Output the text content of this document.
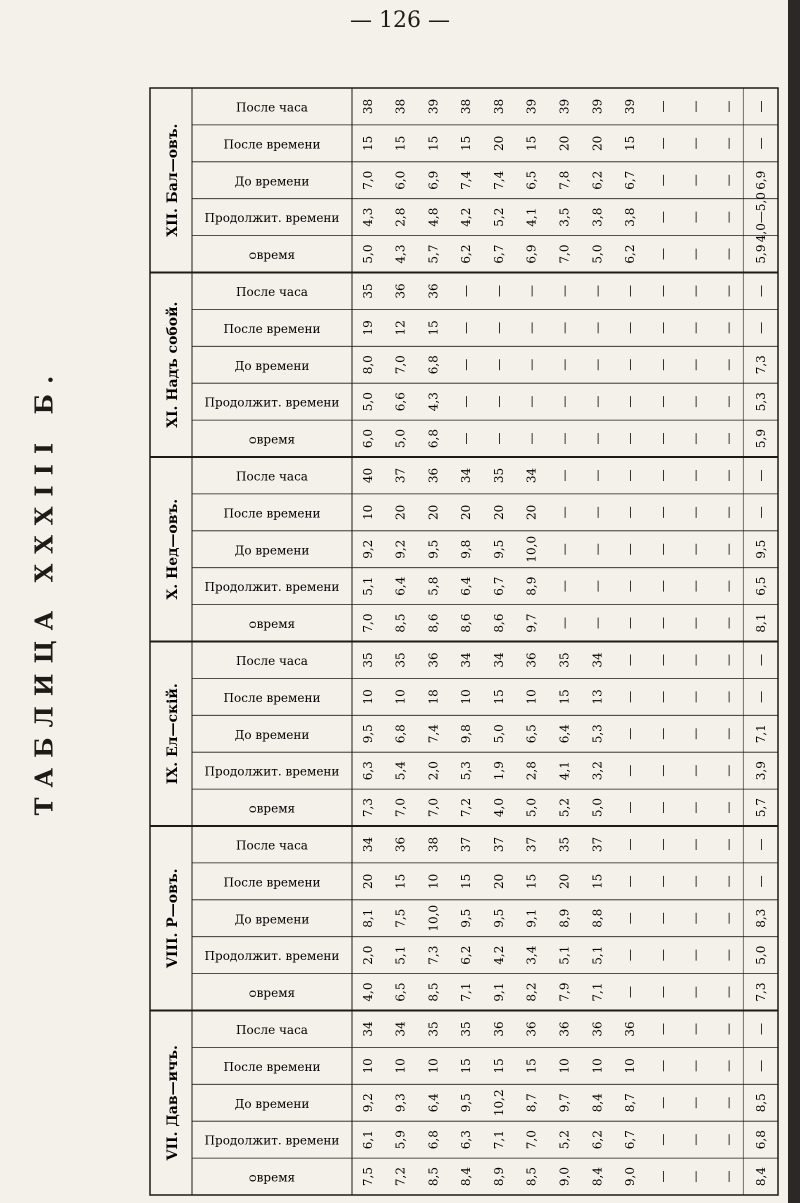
— 126 —
ТАБЛИЦА XXXIII Б.
XII. Бал—овъ.
После часа	38 38 39 38 38 39 39 39 39 — — — —
После времени	15 15 15 15 20 15 20 20 15 — — — —
До времени	7,0 6,0 6,9 7,4 7,4 6,5 7,8 6,2 6,7 — — — 6,9
Продолжит. времени 4,3 2,8 4,8 4,2 5,2 4,1 3,5 3,8 3,8 — — — 4,0—5,0
ᴑвремя	5,0 4,3 5,7 6,2 6,7 6,9 7,0 5,0 6,2 — — — 5,9
XI. Надъ собой.
После часа	35 36 36 — — — — — — — — — —
После времени	19 12 15 — — — — — — — — — —
До времени	8,0 7,0 6,8 — — — — — — — — — 7,3
Продолжит. времени 5,0 6,6 4,3 — — — — — — — — — 5,3
ᴑвремя	6,0 5,0 6,8 — — — — — — — — — 5,9
X. Нед—овъ.
После часа	40 37 36 34 35 34 — — — — — — —
После времени	10 20 20 20 20 20 — — — — — — —
До времени	9,2 9,2 9,5 9,8 9,5 10,0 — — — — — — 9,5
Продолжит. времени 5,1 6,4 5,8 6,4 6,7 8,9 — — — — — — 6,5
ᴑвремя	7,0 8,5 8,6 8,6 8,6 9,7 — — — — — — 8,1
IX. Ел—скій.
После часа	35 35 36 34 34 36 35 34 — — — — —
После времени	10 10 18 10 15 10 15 13 — — — — —
До времени	9,5 6,8 7,4 9,8 5,0 6,5 6,4 5,3 — — — — 7,1
Продолжит. времени 6,3 5,4 2,0 5,3 1,9 2,8 4,1 3,2 — — — — 3,9
ᴑвремя	7,3 7,0 7,0 7,2 4,0 5,0 5,2 5,0 — — — — 5,7
VIII. Р—овъ.
После часа	34 36 38 37 37 37 35 37 — — — — —
После времени	20 15 10 15 20 15 20 15 — — — — —
До времени	8,1 7,5 10,0 9,5 9,5 9,1 8,9 8,8 — — — — 8,3
Продолжит. времени 2,0 5,1 7,3 6,2 4,2 3,4 5,1 5,1 — — — — 5,0
ᴑвремя	4,0 6,5 8,5 7,1 9,1 8,2 7,9 7,1 — — — — 7,3
VII. Дав—ичъ.
После часа	34 34 35 35 36 36 36 36 36 — — — —
После времени	10 10 10 15 15 15 10 10 10 — — — —
До времени	9,2 9,3 6,4 9,5 10,2 8,7 9,7 8,4 8,7 — — — 8,5
Продолжит. времени 6,1 5,9 6,8 6,3 7,1 7,0 5,2 6,2 6,7 — — — 6,8
ᴑвремя	7,5 7,2 8,5 8,4 8,9 8,5 9,0 8,4 9,0 — — — 8,4
